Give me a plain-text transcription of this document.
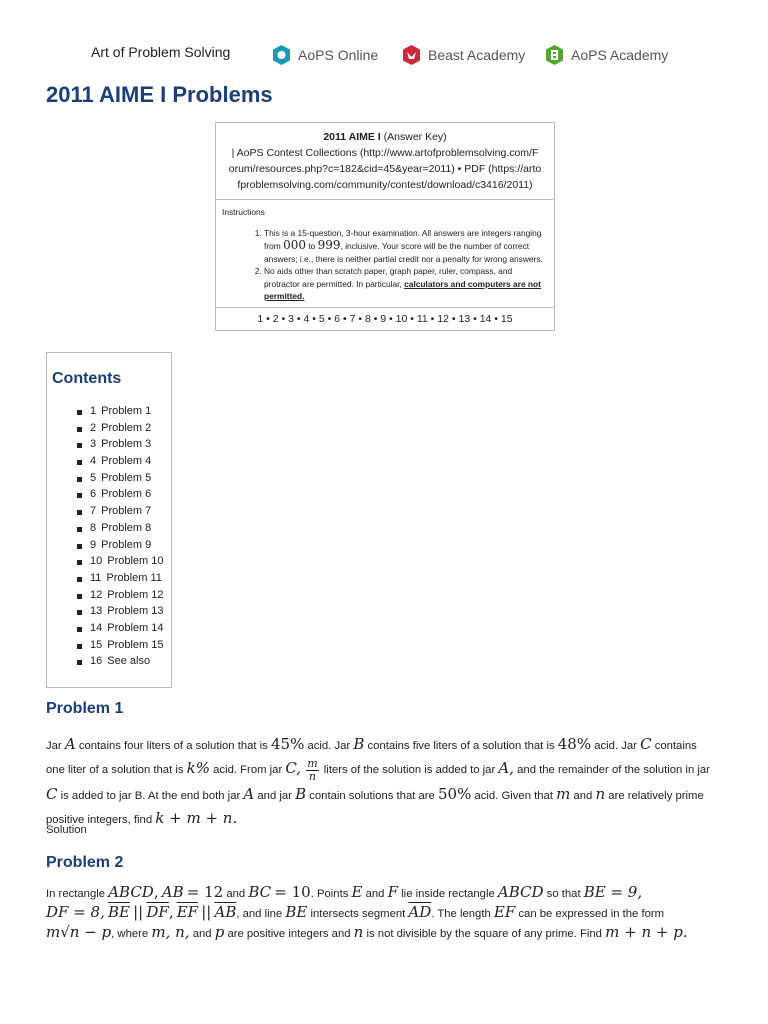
Art of Problem Solving	AoPS Online	Beast Academy	AoPS Academy
2011 AIME I Problems
2011 AIME I (Answer Key)
| AoPS Contest Collections (http://www.artofproblemsolving.com/F
orum/resources.php?c=182&cid=45&year=2011) • PDF (https://arto
fproblemsolving.com/community/contest/download/c3416/2011)
Instructions
1. This is a 15-question, 3-hour examination. All answers are integers ranging from 000 to 999, inclusive. Your score will be the number of correct answers; i.e., there is neither partial credit nor a penalty for wrong answers.
2. No aids other than scratch paper, graph paper, ruler, compass, and protractor are permitted. In particular, calculators and computers are not permitted.
1 • 2 • 3 • 4 • 5 • 6 • 7 • 8 • 9 • 10 • 11 • 12 • 13 • 14 • 15
Contents
1 Problem 1
2 Problem 2
3 Problem 3
4 Problem 4
5 Problem 5
6 Problem 6
7 Problem 7
8 Problem 8
9 Problem 9
10 Problem 10
11 Problem 11
12 Problem 12
13 Problem 13
14 Problem 14
15 Problem 15
16 See also
Problem 1
Jar A contains four liters of a solution that is 45% acid. Jar B contains five liters of a solution that is 48% acid. Jar C contains
one liter of a solution that is k% acid. From jar C, $\frac{m}{n}$ liters of the solution is added to jar A, and the remainder of the solution in jar
C is added to jar B. At the end both jar A and jar B contain solutions that are 50% acid. Given that m and n are relatively prime
positive integers, find k + m + n.
Solution
Problem 2
In rectangle ABCD, AB = 12 and BC = 10. Points E and F lie inside rectangle ABCD so that BE = 9,
DF = 8, $\overline{BE}$ || $\overline{DF}$, $\overline{EF}$ || $\overline{AB}$, and line BE intersects segment $\overline{AD}$. The length EF can be expressed in the form
m√n − p, where m, n, and p are positive integers and n is not divisible by the square of any prime. Find m + n + p.
